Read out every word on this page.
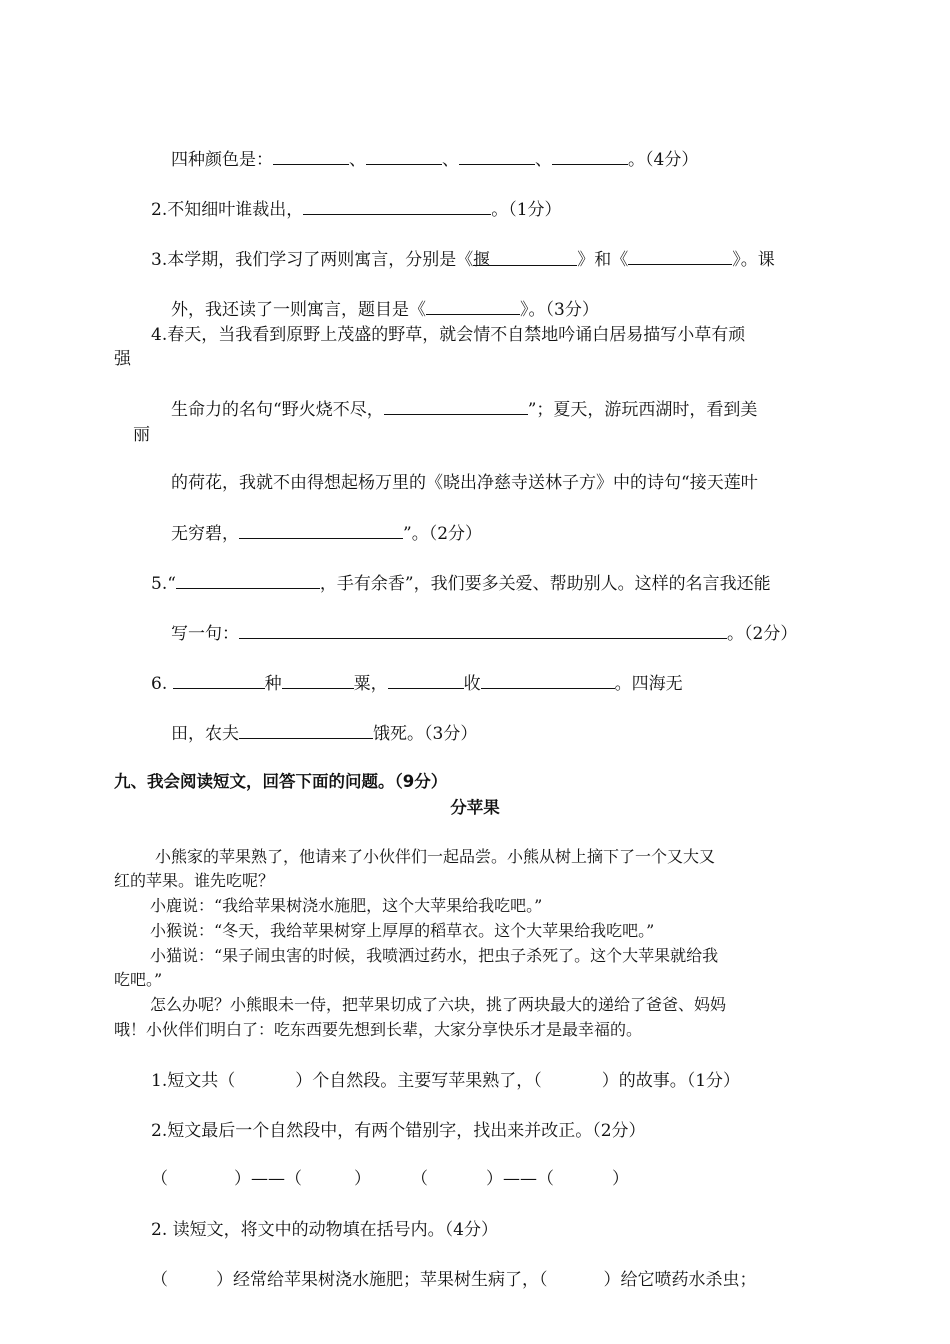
四种颜色是：	、	、	、	。（4分）
2.不知细叶谁裁出，	。（1分）
3.本学期，我们学习了两则寓言，分别是《揠	》和《	》。课
外，我还读了一则寓言，题目是《	》。（3分）
4.春天，当我看到原野上茂盛的野草，就会情不自禁地吟诵白居易描写小草有顽
强
生命力的名句“野火烧不尽，	”；夏天，游玩西湖时，看到美
丽
的荷花，我就不由得想起杨万里的《晓出净慈寺送林子方》中的诗句“接天莲叶
无穷碧，	”。（2分）
5.“	，手有余香”，我们要多关爱、帮助别人。这样的名言我还能
写一句：	。（2分）
6.	种	粟，	收	。四海无
田，农夫	饿死。（3分）
九、我会阅读短文，回答下面的问题。（9分）
分苹果
小熊家的苹果熟了，他请来了小伙伴们一起品尝。小熊从树上摘下了一个又大又
红的苹果。谁先吃呢？
小鹿说：“我给苹果树浇水施肥，这个大苹果给我吃吧。”
小猴说：“冬天，我给苹果树穿上厚厚的稻草衣。这个大苹果给我吃吧。”
小猫说：“果子闹虫害的时候，我喷洒过药水，把虫子杀死了。这个大苹果就给我
吃吧。”
怎么办呢？小熊眼未一侍，把苹果切成了六块，挑了两块最大的递给了爸爸、妈妈
哦！小伙伴们明白了：吃东西要先想到长辈，大家分享快乐才是最幸福的。
1.短文共（	）个自然段。主要写苹果熟了，（	）的故事。（1分）
2.短文最后一个自然段中，有两个错别字，找出来并改正。（2分）
（	）——（	） （	）——（	）
2. 读短文，将文中的动物填在括号内。（4分）
（	）经常给苹果树浇水施肥；苹果树生病了，（	）给它喷药水杀虫；
